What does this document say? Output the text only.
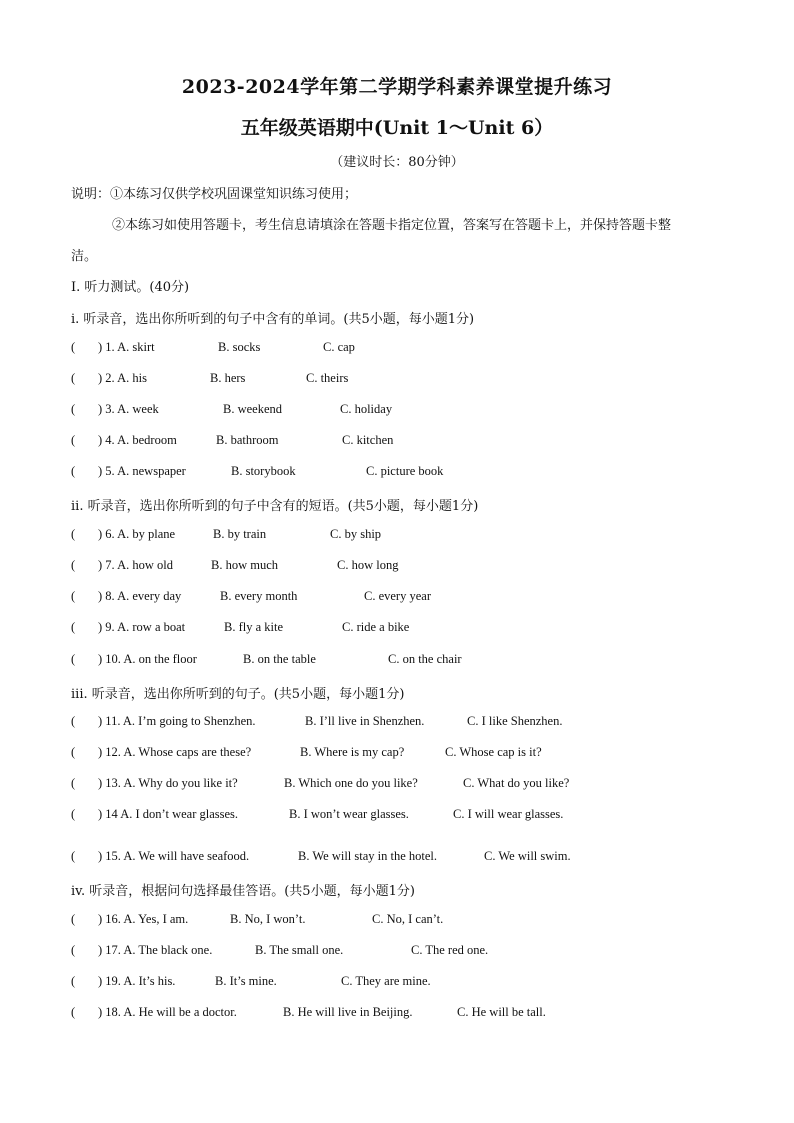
2023-2024学年第二学期学科素养课堂提升练习
五年级英语期中(Unit 1～Unit 6）
（建议时长：80分钟）
说明：①本练习仅供学校巩固课堂知识练习使用；
②本练习如使用答题卡，考生信息请填涂在答题卡指定位置，答案写在答题卡上，并保持答题卡整
洁。
I. 听力测试。(40分)
i. 听录音，选出你所听到的句子中含有的单词。(共5小题，每小题1分)
( ) 1. A. skirt	B. socks	C. cap
( ) 2. A. his	B. hers	C. theirs
( ) 3. A. week	B. weekend	C. holiday
( ) 4. A. bedroom	B. bathroom	C. kitchen
( ) 5. A. newspaper	B. storybook	C. picture book
ii. 听录音，选出你所听到的句子中含有的短语。(共5小题，每小题1分)
( ) 6. A. by plane	B. by train	C. by ship
( ) 7. A. how old	B. how much	C. how long
( ) 8. A. every day	B. every month	C. every year
( ) 9. A. row a boat	B. fly a kite	C. ride a bike
( ) 10. A. on the floor	B. on the table	C. on the chair
iii. 听录音，选出你所听到的句子。(共5小题，每小题1分)
( ) 11. A. I’m going to Shenzhen.	B. I’ll live in Shenzhen.	C. I like Shenzhen.
( ) 12. A. Whose caps are these?	B. Where is my cap?	C. Whose cap is it?
( ) 13. A. Why do you like it?	B. Which one do you like?	C. What do you like?
( ) 14 A. I don’t wear glasses.	B. I won’t wear glasses.	C. I will wear glasses.
( ) 15. A. We will have seafood.	B. We will stay in the hotel.	C. We will swim.
iv. 听录音，根据问句选择最佳答语。(共5小题，每小题1分)
( ) 16. A. Yes, I am.	B. No, I won’t.	C. No, I can’t.
( ) 17. A. The black one.	B. The small one.	C. The red one.
( ) 19. A. It’s his.	B. It’s mine.	C. They are mine.
( ) 18. A. He will be a doctor.	B. He will live in Beijing.	C. He will be tall.
